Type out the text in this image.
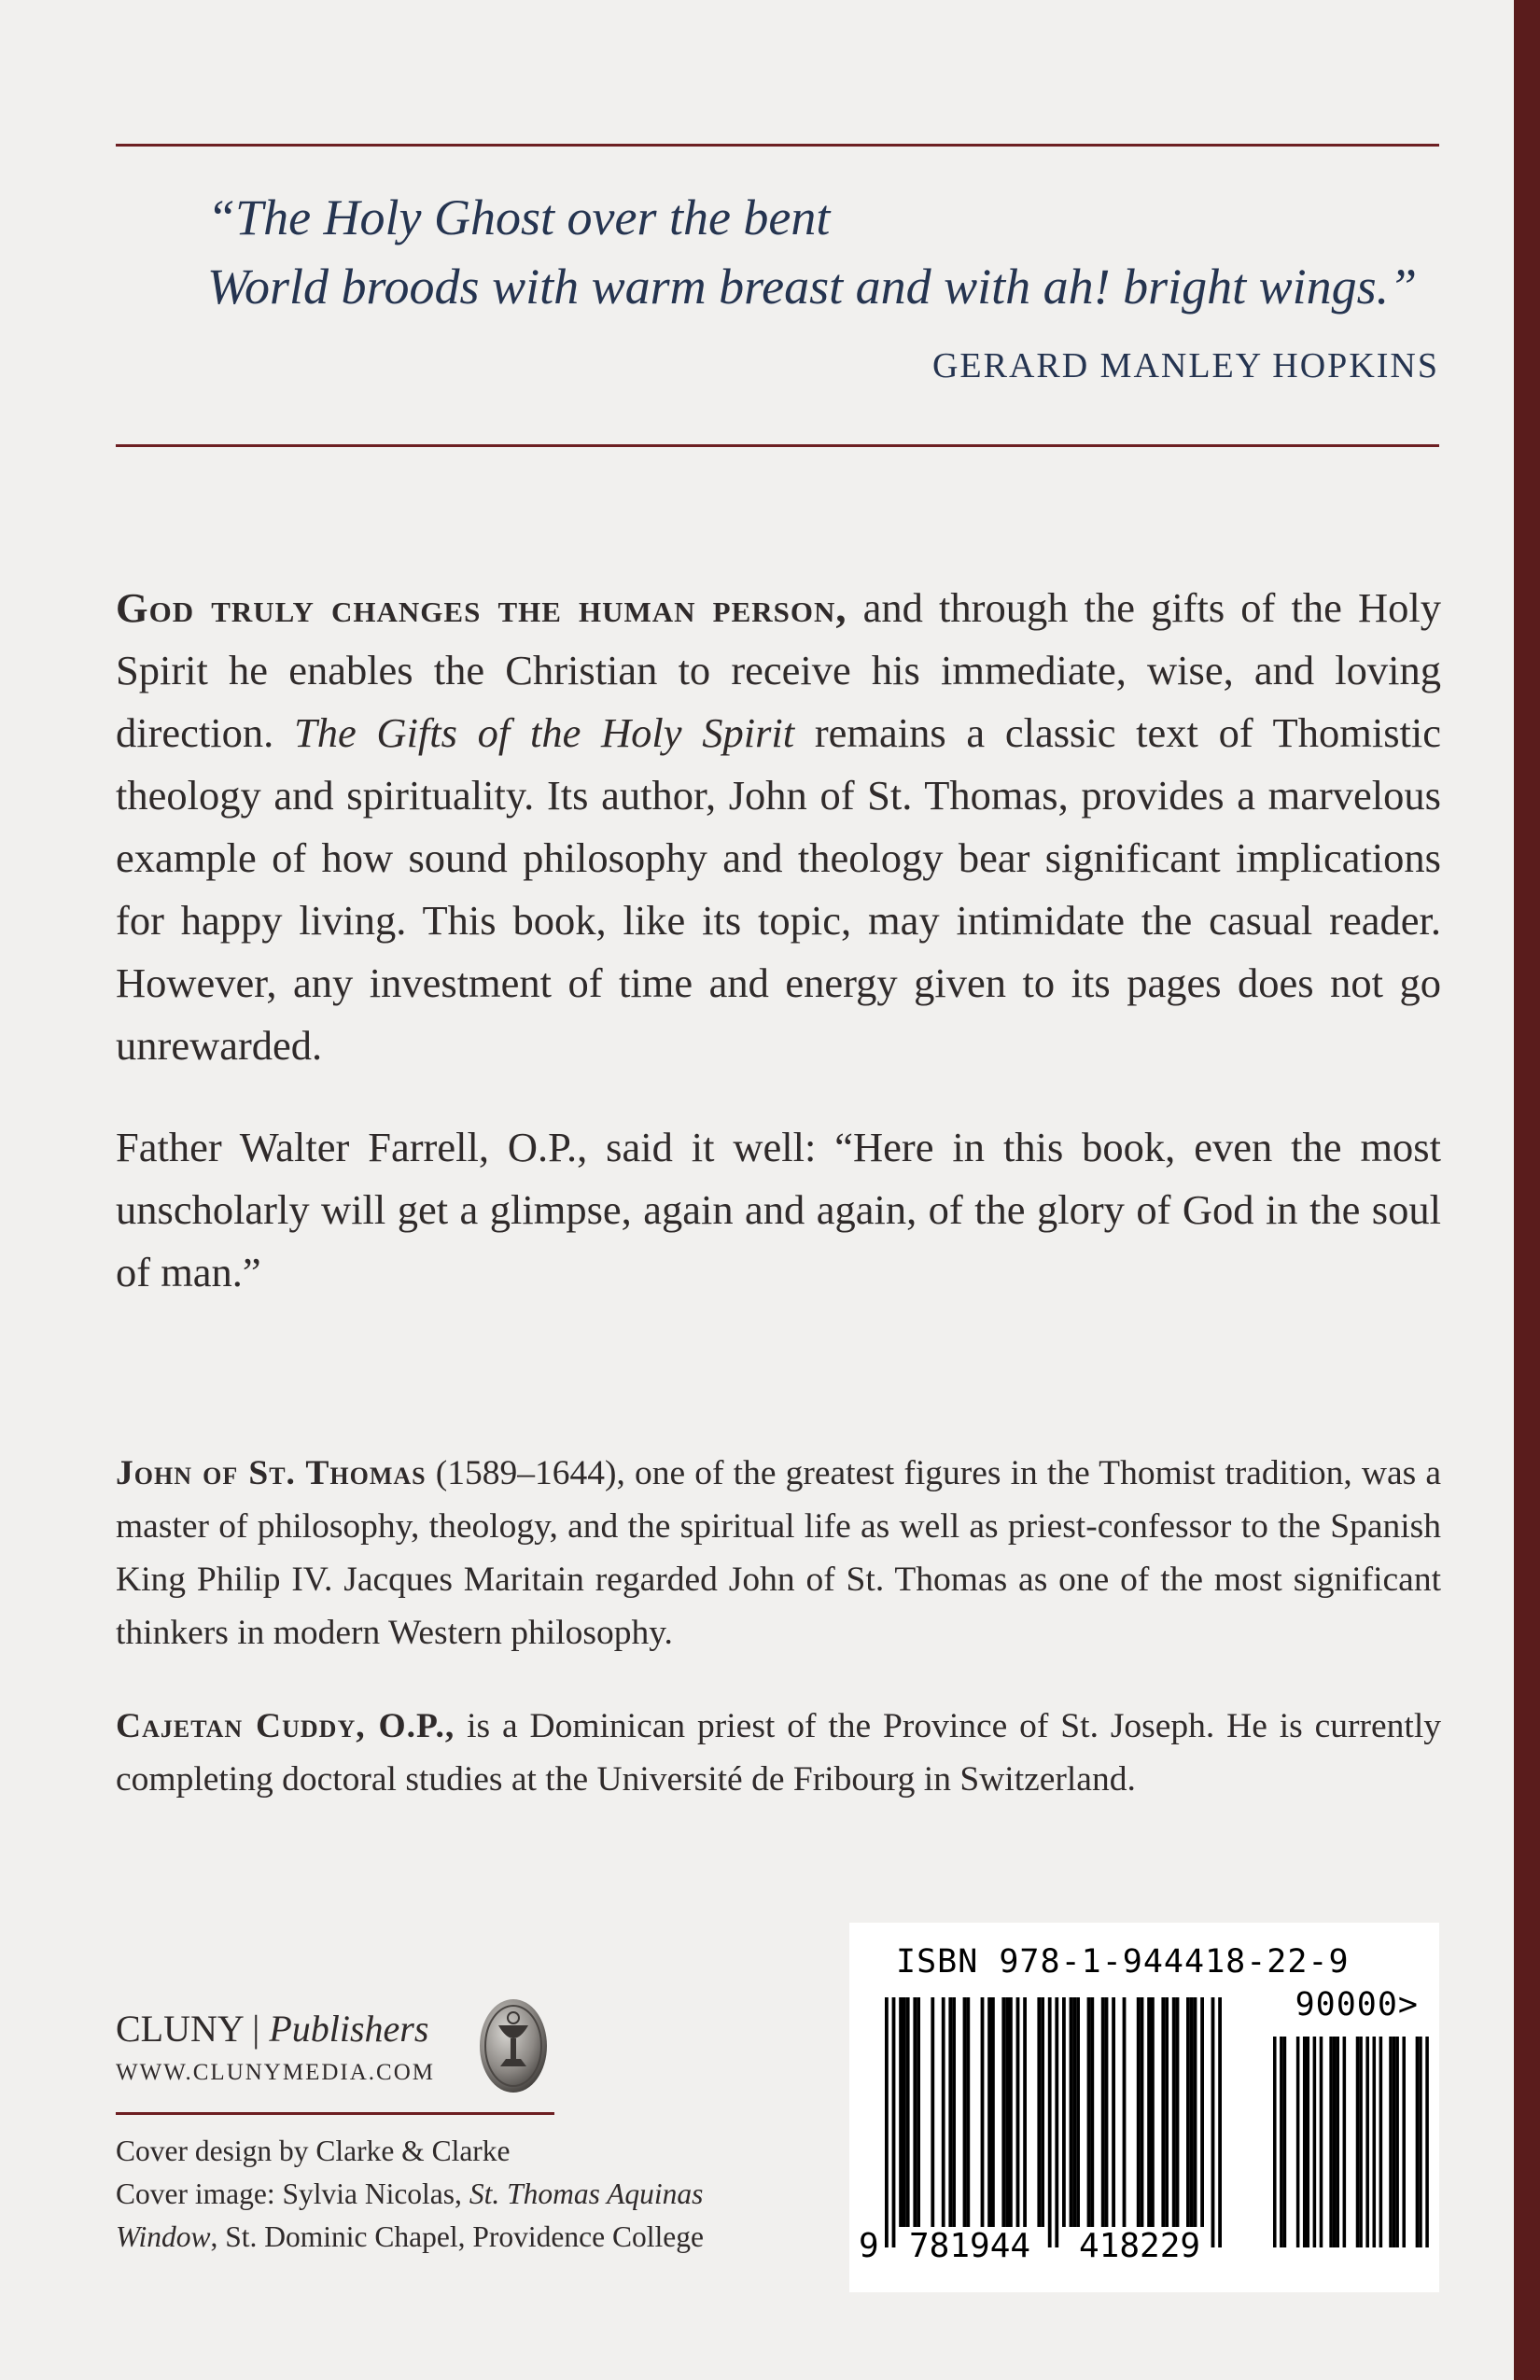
“The Holy Ghost over the bent
World broods with warm breast and with ah! bright wings.”
GERARD MANLEY HOPKINS
God truly changes the human person, and through the gifts of the Holy Spirit he enables the Christian to receive his immediate, wise, and loving direction. The Gifts of the Holy Spirit remains a classic text of Thomistic theology and spirituality. Its author, John of St. Thomas, provides a marvelous example of how sound philosophy and theology bear significant implications for happy living. This book, like its topic, may intimidate the casual reader. However, any investment of time and energy given to its pages does not go unrewarded.
Father Walter Farrell, O.P., said it well: “Here in this book, even the most unscholarly will get a glimpse, again and again, of the glory of God in the soul of man.”
John of St. Thomas (1589–1644), one of the greatest figures in the Thomist tradition, was a master of philosophy, theology, and the spiritual life as well as priest-confessor to the Spanish King Philip IV. Jacques Maritain regarded John of St. Thomas as one of the most significant thinkers in modern Western philosophy.
Cajetan Cuddy, O.P., is a Dominican priest of the Province of St. Joseph. He is currently completing doctoral studies at the Université de Fribourg in Switzerland.
CLUNY | Publishers
WWW.CLUNYMEDIA.COM
Cover design by Clarke & Clarke
Cover image: Sylvia Nicolas, St. Thomas Aquinas
Window, St. Dominic Chapel, Providence College
ISBN 978-1-944418-22-9
90000>
9 781944 418229
